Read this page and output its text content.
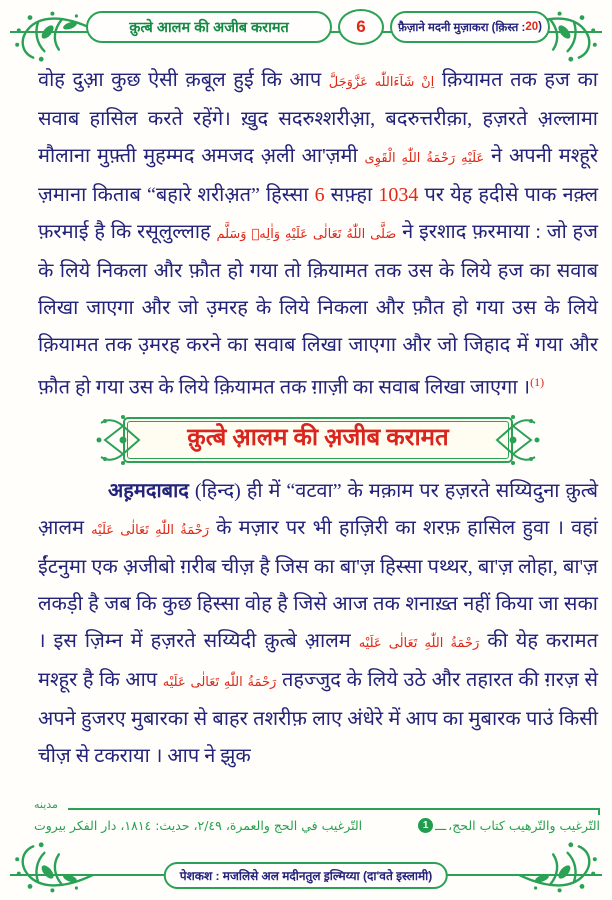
क़ुत्बे आलम की अजीब करामत	6	फ़ैज़ाने मदनी मुज़ाकरा (क़िस्त : 20 )
वोह दुआ़ कुछ ऐसी क़बूल हुई कि आप اِنْ شَآءَاللّٰه عَزَّوَجَلَّ क़ियामत तक हज का सवाब हासिल करते रहेंगे। ख़ुद सदरुश्शरीआ़, बदरुत्तरीक़ा, हज़रते अ़ल्लामा मौलाना मुफ़्ती मुहम्मद अमजद अ़ली आ'ज़मी عَلَيْهِ رَحْمَةُ اللّٰهِ الْقَوِی ने अपनी मश्हूरे ज़माना किताब “बहारे शरीअ़त” हिस्सा 6 सफ़्हा 1034 पर येह हदीसे पाक नक़्ल फ़रमाई है कि रसूलुल्लाह صَلَّی اللّٰهُ تَعَالٰی عَلَيْهِ وَاٰلِهٖ وَسَلَّم ने इरशाद फ़रमाया : जो हज के लिये निकला और फ़ौत हो गया तो क़ियामत तक उस के लिये हज का सवाब लिखा जाएगा और जो उ़मरह के लिये निकला और फ़ौत हो गया उस के लिये क़ियामत तक उ़मरह करने का सवाब लिखा जाएगा और जो जिहाद में गया और फ़ौत हो गया उस के लिये क़ियामत तक ग़ाज़ी का सवाब लिखा जाएगा ।$^{(1)}$
क़ुत्बे आ़लम की अ़जीब करामत
अह़मदाबाद (हिन्द) ही में “वटवा” के मक़ाम पर हज़रते सय्यिदुना क़ुत्बे आ़लम رَحْمَةُ اللّٰهِ تَعَالٰی عَلَيْه के मज़ार पर भी हाज़िरी का शरफ़ हासिल हुवा । वहां ईंटनुमा एक अ़जीबो ग़रीब चीज़ है जिस का बा'ज़ हिस्सा पथ्थर, बा'ज़ लोहा, बा'ज़ लकड़ी है जब कि कुछ हिस्सा वोह है जिसे आज तक शनाख़्त नहीं किया जा सका । इस ज़िम्न में हज़रते सय्यिदी क़ुत्बे आ़लम رَحْمَةُ اللّٰهِ تَعَالٰی عَلَيْه की येह करामत मश्हूर है कि आप رَحْمَةُ اللّٰهِ تَعَالٰی عَلَيْه तहज्जुद के लिये उठे और तहारत की ग़रज़ से अपने हुजरए मुबारका से बाहर तशरीफ़ लाए अंधेरे में आप का मुबारक पाउं किसी चीज़ से टकराया । आप ने झुक
مدينه
التّرغيب في الحج والعمرة، ٢/٤٩، حديث: ١٨١٤، دار الفكر بيروت	1 ـــ التّرغيب والتّرهيب كتاب الحج،
पेशकश : मजलिसे अल मदीनतुल इ़ल्मिय्या (दा'वते इस्लामी)
